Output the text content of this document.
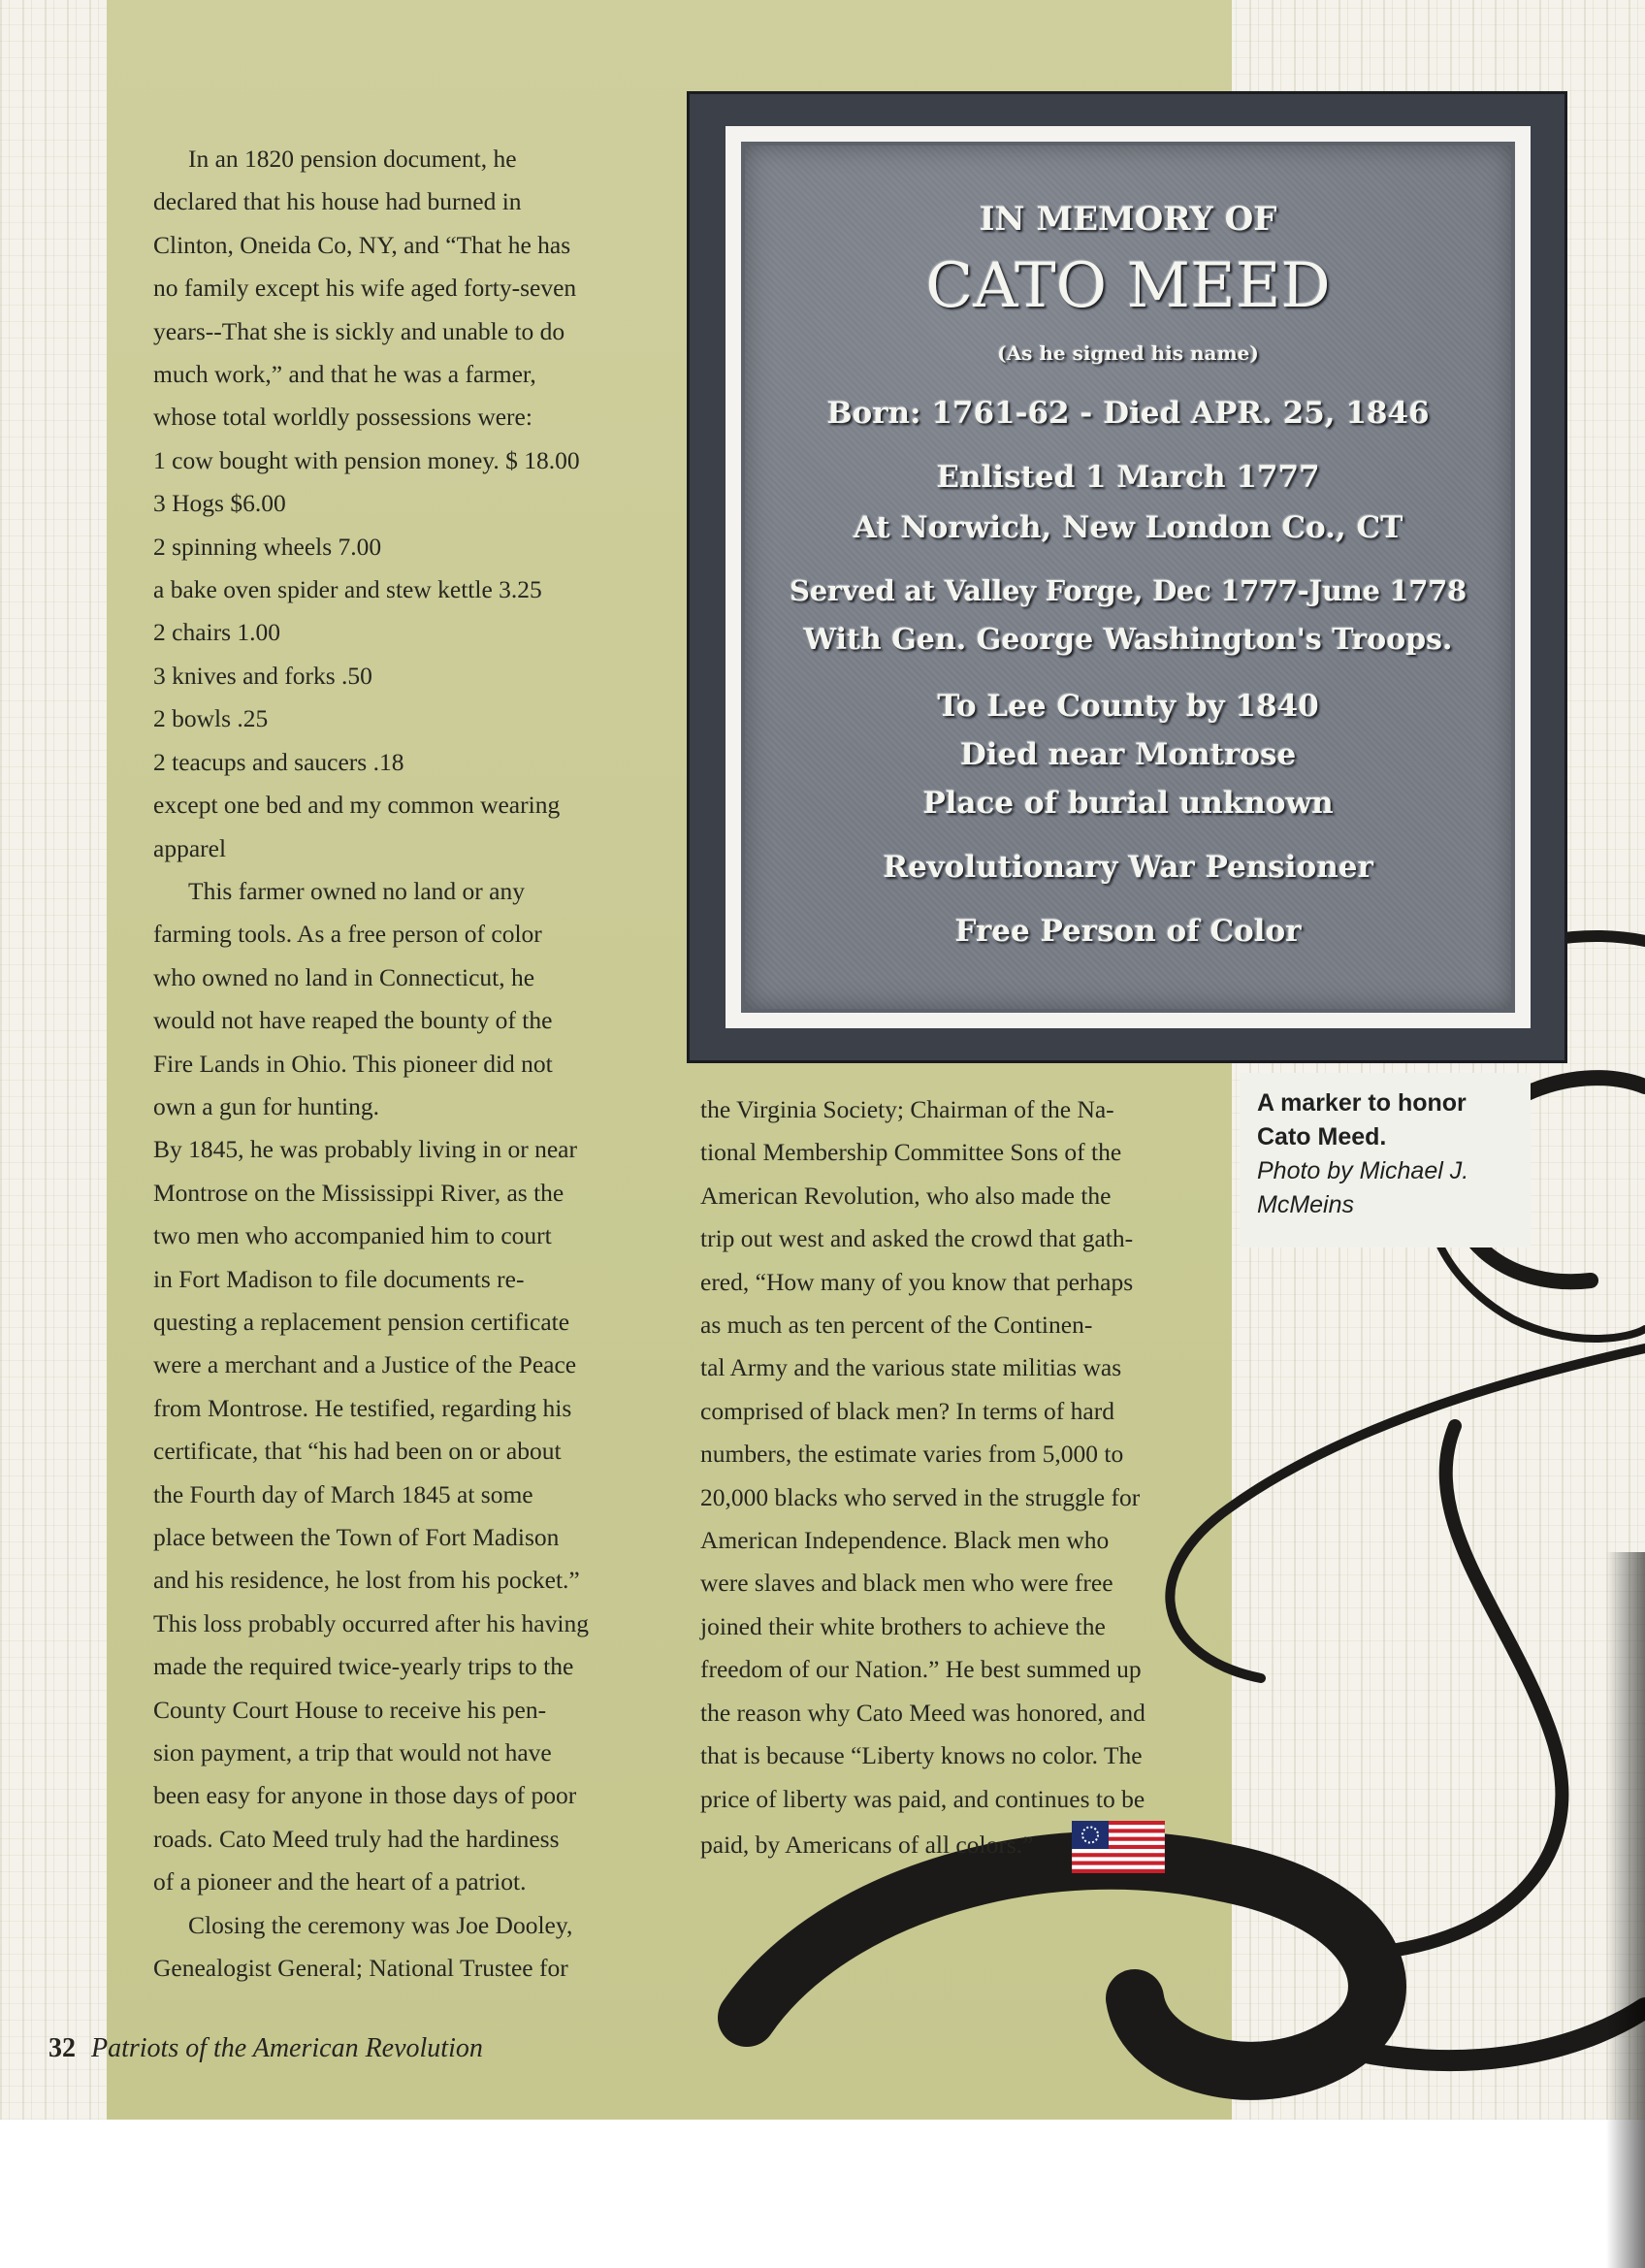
IN MEMORY OF
CATO MEED
(As he signed his name)
Born: 1761-62 - Died APR. 25, 1846
Enlisted 1 March 1777
At Norwich, New London Co., CT
Served at Valley Forge, Dec 1777-June 1778
With Gen. George Washington's Troops.
To Lee County by 1840
Died near Montrose
Place of burial unknown
Revolutionary War Pensioner
Free Person of Color
A marker to honor
Cato Meed.
Photo by Michael J.
McMeins

In an 1820 pension document, he

declared that his house had burned in

Clinton, Oneida Co, NY, and “That he has

no family except his wife aged forty-seven

years--That she is sickly and unable to do

much work,” and that he was a farmer,

whose total worldly possessions were:

1 cow bought with pension money. $ 18.00

3 Hogs $6.00

2 spinning wheels 7.00

a bake oven spider and stew kettle 3.25

2 chairs 1.00

3 knives and forks .50

2 bowls .25

2 teacups and saucers .18

except one bed and my common wearing

apparel

This farmer owned no land or any

farming tools. As a free person of color

who owned no land in Connecticut, he

would not have reaped the bounty of the

Fire Lands in Ohio. This pioneer did not

own a gun for hunting.

By 1845, he was probably living in or near

Montrose on the Mississippi River, as the

two men who accompanied him to court

in Fort Madison to file documents re-

questing a replacement pension certificate

were a merchant and a Justice of the Peace

from Montrose. He testified, regarding his

certificate, that “his had been on or about

the Fourth day of March 1845 at some

place between the Town of Fort Madison

and his residence, he lost from his pocket.”

This loss probably occurred after his having

made the required twice-yearly trips to the

County Court House to receive his pen-

sion payment, a trip that would not have

been easy for anyone in those days of poor

roads. Cato Meed truly had the hardiness

of a pioneer and the heart of a patriot.

Closing the ceremony was Joe Dooley,

Genealogist General; National Trustee for

the Virginia Society; Chairman of the Na-

tional Membership Committee Sons of the

American Revolution, who also made the

trip out west and asked the crowd that gath-

ered, “How many of you know that perhaps

as much as ten percent of the Continen-

tal Army and the various state militias was

comprised of black men? In terms of hard

numbers, the estimate varies from 5,000 to

20,000 blacks who served in the struggle for

American Independence. Black men who

were slaves and black men who were free

joined their white brothers to achieve the

freedom of our Nation.” He best summed up

the reason why Cato Meed was honored, and

that is because “Liberty knows no color. The

price of liberty was paid, and continues to be

paid, by Americans of all colors.”

32 Patriots of the American Revolution
